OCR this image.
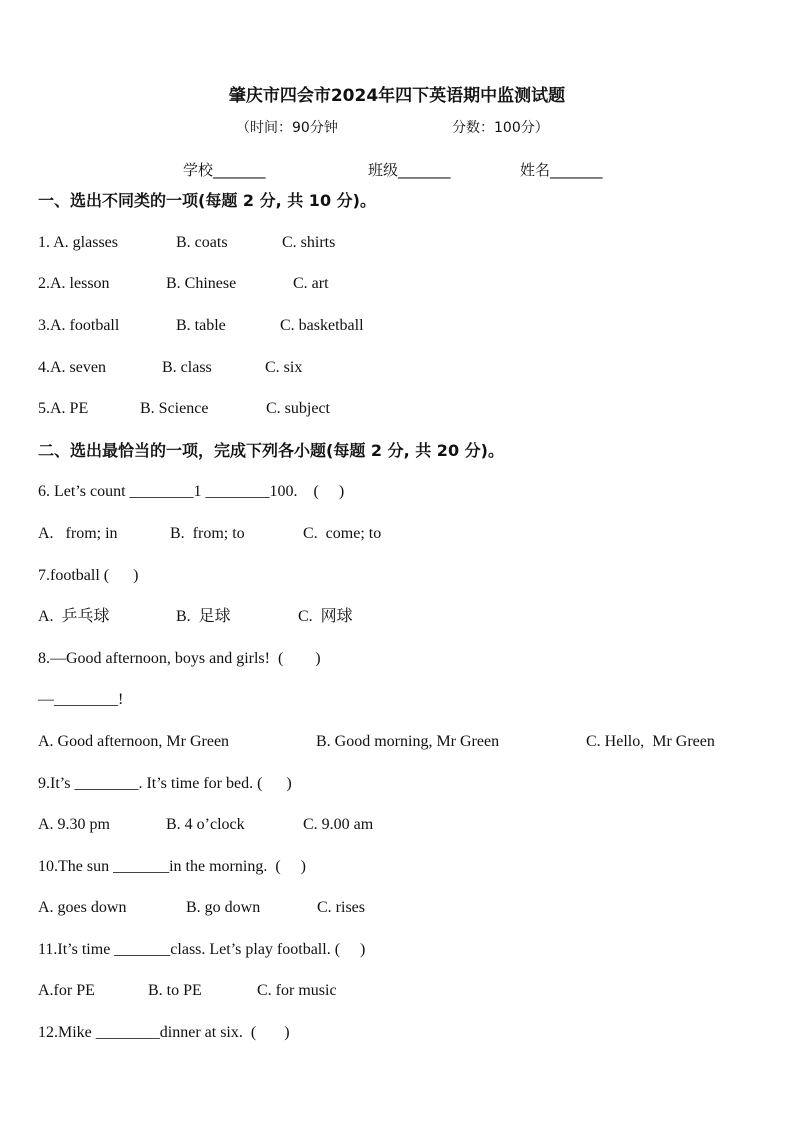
肇庆市四会市2024年四下英语期中监测试题
（时间：90分钟	分数：100分）
学校_______	班级_______	姓名_______
一、选出不同类的一项(每题 2 分, 共 10 分)。
1. A. glasses	B. coats	C. shirts
2.A. lesson	B. Chinese	C. art
3.A. football	B. table	C. basketball
4.A. seven	B. class	C. six
5.A. PE	B. Science	C. subject
二、选出最恰当的一项，完成下列各小题(每题 2 分, 共 20 分)。
6. Let’s count ________1 ________100.    (     )
A.   from; in	B.  from; to	C.  come; to
7.football (      )
A.  乒乓球	B.  足球	C.  网球
8.—Good afternoon, boys and girls!  (        )
—________!
A. Good afternoon, Mr Green	B. Good morning, Mr Green	C. Hello,  Mr Green
9.It’s ________. It’s time for bed. (      )
A. 9.30 pm	B. 4 o’clock	C. 9.00 am
10.The sun _______in the morning.  (     )
A. goes down	B. go down	C. rises
11.It’s time _______class. Let’s play football. (     )
A.for PE	B. to PE	C. for music
12.Mike ________dinner at six.  (       )
